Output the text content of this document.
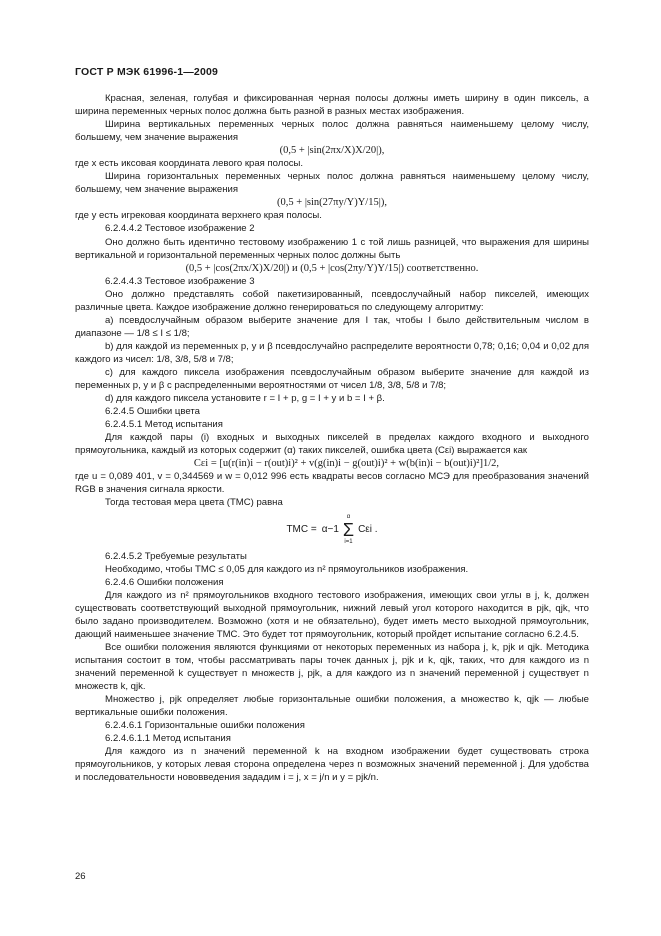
ГОСТ Р МЭК 61996-1—2009

Красная, зеленая, голубая и фиксированная черная полосы должны иметь ширину в один пиксель, а ширина переменных черных полос должна быть разной в разных местах изображения.

Ширина вертикальных переменных черных полос должна равняться наименьшему целому числу, большему, чем значение выражения

(0,5 + |sin(2πx/X)X/20|),

где x есть иксовая координата левого края полосы.

Ширина горизонтальных переменных черных полос должна равняться наименьшему целому числу, большему, чем значение выражения

(0,5 + |sin(27πy/Y)Y/15|),

где y есть игрековая координата верхнего края полосы.

6.2.4.4.2 Тестовое изображение 2

Оно должно быть идентично тестовому изображению 1 с той лишь разницей, что выражения для ширины вертикальной и горизонтальной переменных черных полос должны быть

(0,5 + |cos(2πx/X)X/20|) и (0,5 + |cos(2πy/Y)Y/15|) соответственно.

6.2.4.4.3 Тестовое изображение 3

Оно должно представлять собой пакетизированный, псевдослучайный набор пикселей, имеющих различные цвета. Каждое изображение должно генерироваться по следующему алгоритму:

а) псевдослучайным образом выберите значение для I так, чтобы I было действительным числом в диапазоне — 1/8 ≤ I ≤ 1/8;

b) для каждой из переменных p, y и β псевдослучайно распределите вероятности 0,78; 0,16; 0,04 и 0,02 для каждого из чисел: 1/8, 3/8, 5/8 и 7/8;

c) для каждого пиксела изображения псевдослучайным образом выберите значение для каждой из переменных p, y и β с распределенными вероятностями от чисел 1/8, 3/8, 5/8 и 7/8;

d) для каждого пиксела установите r = I + p, g = I + y и b = I + β.

6.2.4.5 Ошибки цвета

6.2.4.5.1 Метод испытания

Для каждой пары (i) входных и выходных пикселей в пределах каждого входного и выходного прямоугольника, каждый из которых содержит (α) таких пикселей, ошибка цвета (Cεi) выражается как

Cεi = [u(r(in)i − r(out)i)² + v(g(in)i − g(out)i)² + w(b(in)i − b(out)i)²]1/2,

где u = 0,089 401, v = 0,344569 и w = 0,012 996 есть квадраты весов согласно МСЭ для преобразования значений RGB в значения сигнала яркости.

Тогда тестовая мера цвета (TMC) равна

TMC = α−1
α
Σ
i=1
Cεi .

6.2.4.5.2 Требуемые результаты

Необходимо, чтобы TMC ≤ 0,05 для каждого из n² прямоугольников изображения.

6.2.4.6 Ошибки положения

Для каждого из n² прямоугольников входного тестового изображения, имеющих свои углы в j, k, должен существовать соответствующий выходной прямоугольник, нижний левый угол которого находится в pjk, qjk, что было задано производителем. Возможно (хотя и не обязательно), будет иметь место выходной прямоугольник, дающий наименьшее значение TMC. Это будет тот прямоугольник, который пройдет испытание согласно 6.2.4.5.

Все ошибки положения являются функциями от некоторых переменных из набора j, k, pjk и qjk. Методика испытания состоит в том, чтобы рассматривать пары точек данных j, pjk и k, qjk, таких, что для каждого из n значений переменной k существует n множеств j, pjk, а для каждого из n значений переменной j существует n множеств k, qjk.

Множество j, pjk определяет любые горизонтальные ошибки положения, а множество k, qjk — любые вертикальные ошибки положения.

6.2.4.6.1 Горизонтальные ошибки положения

6.2.4.6.1.1 Метод испытания

Для каждого из n значений переменной k на входном изображении будет существовать строка прямоугольников, у которых левая сторона определена через n возможных значений переменной j. Для удобства и последовательности нововведения зададим i = j, x = j/n и y = pjk/n.

26
